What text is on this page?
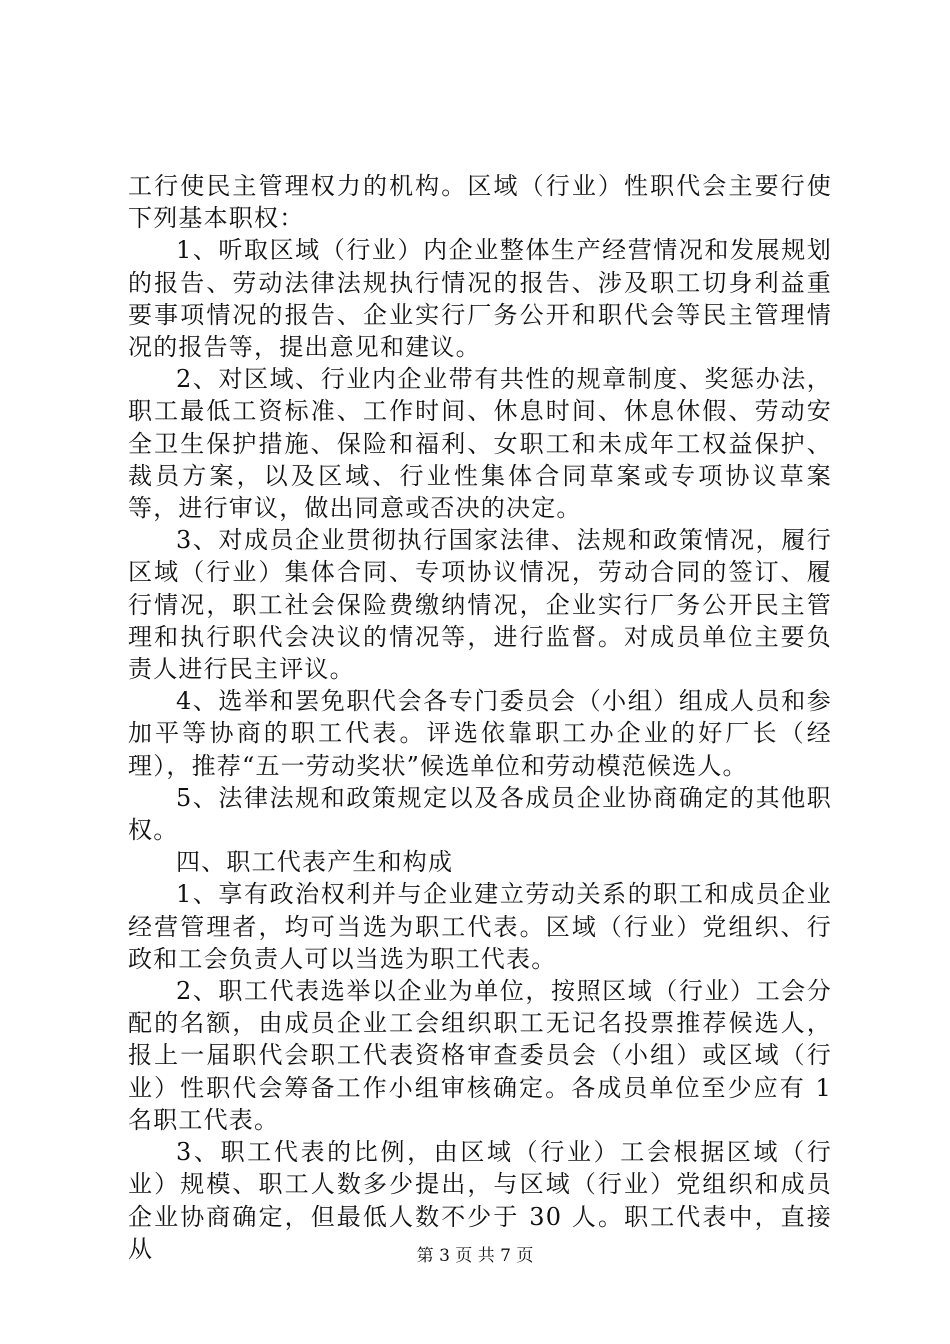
工行使民主管理权力的机构。区域（行业）性职代会主要行使下列基本职权：

1、听取区域（行业）内企业整体生产经营情况和发展规划的报告、劳动法律法规执行情况的报告、涉及职工切身利益重要事项情况的报告、企业实行厂务公开和职代会等民主管理情况的报告等，提出意见和建议。

2、对区域、行业内企业带有共性的规章制度、奖惩办法，职工最低工资标准、工作时间、休息时间、休息休假、劳动安全卫生保护措施、保险和福利、女职工和未成年工权益保护、裁员方案，以及区域、行业性集体合同草案或专项协议草案等，进行审议，做出同意或否决的决定。

3、对成员企业贯彻执行国家法律、法规和政策情况，履行区域（行业）集体合同、专项协议情况，劳动合同的签订、履行情况，职工社会保险费缴纳情况，企业实行厂务公开民主管理和执行职代会决议的情况等，进行监督。对成员单位主要负责人进行民主评议。

4、选举和罢免职代会各专门委员会（小组）组成人员和参加平等协商的职工代表。评选依靠职工办企业的好厂长（经理），推荐“五一劳动奖状”候选单位和劳动模范候选人。

5、法律法规和政策规定以及各成员企业协商确定的其他职权。

四、职工代表产生和构成

1、享有政治权利并与企业建立劳动关系的职工和成员企业经营管理者，均可当选为职工代表。区域（行业）党组织、行政和工会负责人可以当选为职工代表。

2、职工代表选举以企业为单位，按照区域（行业）工会分配的名额，由成员企业工会组织职工无记名投票推荐候选人，报上一届职代会职工代表资格审查委员会（小组）或区域（行业）性职代会筹备工作小组审核确定。各成员单位至少应有 1 名职工代表。

3、职工代表的比例，由区域（行业）工会根据区域（行业）规模、职工人数多少提出，与区域（行业）党组织和成员企业协商确定，但最低人数不少于 30 人。职工代表中，直接从	第 3 页 共 7 页
